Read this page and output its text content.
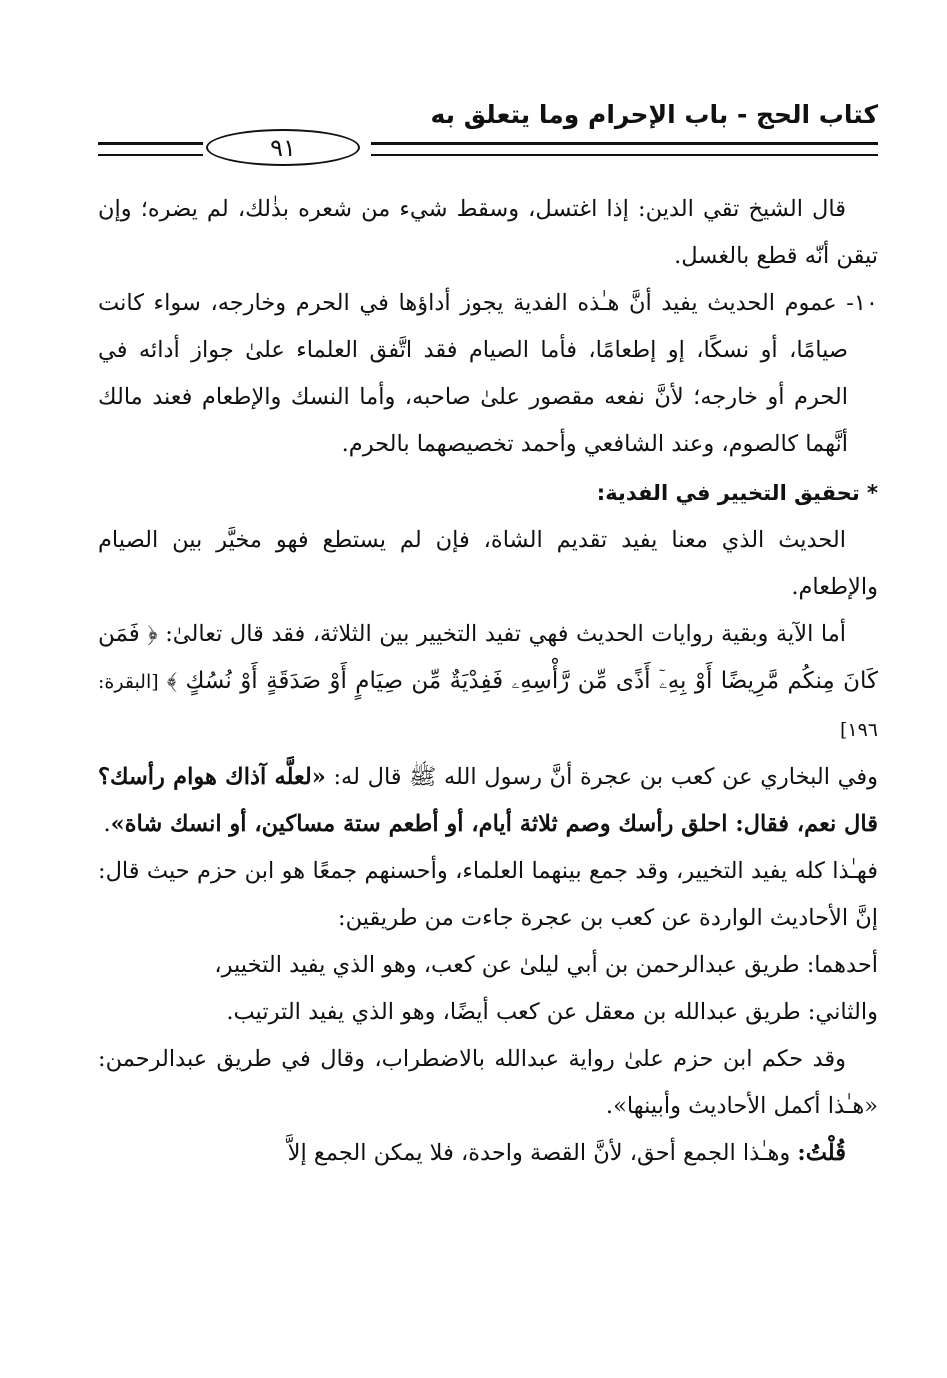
كتاب الحج - باب الإحرام وما يتعلق به
٩١

قال الشيخ تقي الدين: إذا اغتسل، وسقط شيء من شعره بذٰلك، لم يضره؛ وإن تيقن أنّه قطع بالغسل.

١٠- عموم الحديث يفيد أنَّ هـٰذه الفدية يجوز أداؤها في الحرم وخارجه، سواء كانت صيامًا، أو نسكًا، إو إطعامًا، فأما الصيام فقد اتَّفق العلماء علىٰ جواز أدائه في الحرم أو خارجه؛ لأنَّ نفعه مقصور علىٰ صاحبه، وأما النسك والإطعام فعند مالك أنَّهما كالصوم، وعند الشافعي وأحمد تخصيصهما بالحرم.

* تحقيق التخيير في الفدية:

الحديث الذي معنا يفيد تقديم الشاة، فإن لم يستطع فهو مخيَّر بين الصيام والإطعام.

أما الآية وبقية روايات الحديث فهي تفيد التخيير بين الثلاثة، فقد قال تعالىٰ: ﴿ فَمَن كَانَ مِنكُم مَّرِيضًا أَوْ بِهِۦٓ أَذًى مِّن رَّأْسِهِۦ فَفِدْيَةٌ مِّن صِيَامٍ أَوْ صَدَقَةٍ أَوْ نُسُكٍ ﴾ [البقرة: ١٩٦]

وفي البخاري عن كعب بن عجرة أنَّ رسول الله ﷺ قال له: «لعلَّه آذاك هوام رأسك؟ قال نعم، فقال: احلق رأسك وصم ثلاثة أيام، أو أطعم ستة مساكين، أو انسك شاة».

فهـٰذا كله يفيد التخيير، وقد جمع بينهما العلماء، وأحسنهم جمعًا هو ابن حزم حيث قال: إنَّ الأحاديث الواردة عن كعب بن عجرة جاءت من طريقين:

أحدهما: طريق عبدالرحمن بن أبي ليلىٰ عن كعب، وهو الذي يفيد التخيير،

والثاني: طريق عبدالله بن معقل عن كعب أيضًا، وهو الذي يفيد الترتيب.

وقد حكم ابن حزم علىٰ رواية عبدالله بالاضطراب، وقال في طريق عبدالرحمن: «هـٰذا أكمل الأحاديث وأبينها».

قُلْتُ: وهـٰذا الجمع أحق، لأنَّ القصة واحدة، فلا يمكن الجمع إلاَّ
